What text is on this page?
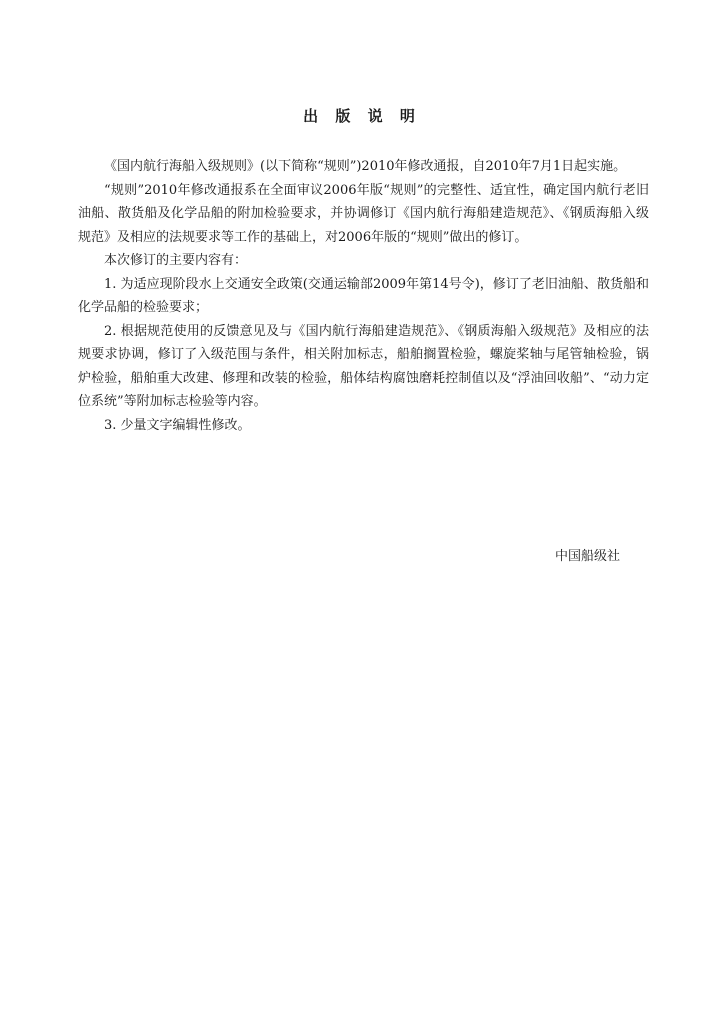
出 版 说 明

《国内航行海船入级规则》(以下简称“规则”)2010年修改通报，自2010年7月1日起实施。

“规则”2010年修改通报系在全面审议2006年版“规则”的完整性、适宜性，确定国内航行老旧油船、散货船及化学品船的附加检验要求，并协调修订《国内航行海船建造规范》、《钢质海船入级规范》及相应的法规要求等工作的基础上，对2006年版的“规则”做出的修订。

本次修订的主要内容有：

1. 为适应现阶段水上交通安全政策(交通运输部2009年第14号令)，修订了老旧油船、散货船和化学品船的检验要求；

2. 根据规范使用的反馈意见及与《国内航行海船建造规范》、《钢质海船入级规范》及相应的法规要求协调，修订了入级范围与条件，相关附加标志，船舶搁置检验，螺旋桨轴与尾管轴检验，锅炉检验，船舶重大改建、修理和改装的检验，船体结构腐蚀磨耗控制值以及“浮油回收船”、“动力定位系统”等附加标志检验等内容。

3. 少量文字编辑性修改。

中国船级社
